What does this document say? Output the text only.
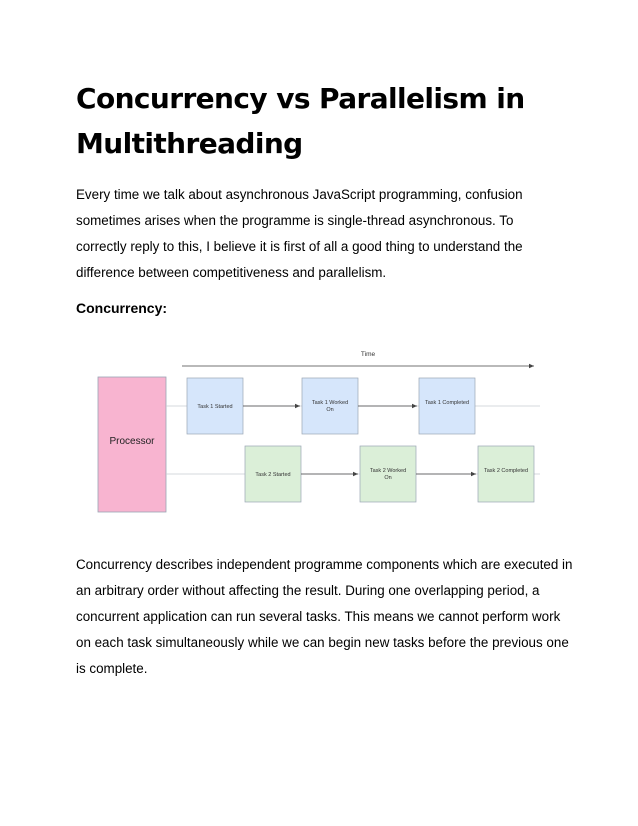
Concurrency vs Parallelism in Multithreading

Every time we talk about asynchronous JavaScript programming, confusion sometimes arises when the programme is single-thread asynchronous. To correctly reply to this, I believe it is first of all a good thing to understand the difference between competitiveness and parallelism.

Concurrency:
Time
Processor
Task 1 Started
Task 1 Worked On
Task 1 Completed
Task 2 Started
Task 2 Worked On
Task 2 Completed

Concurrency describes independent programme components which are executed in an arbitrary order without affecting the result. During one overlapping period, a concurrent application can run several tasks. This means we cannot perform work on each task simultaneously while we can begin new tasks before the previous one is complete.
